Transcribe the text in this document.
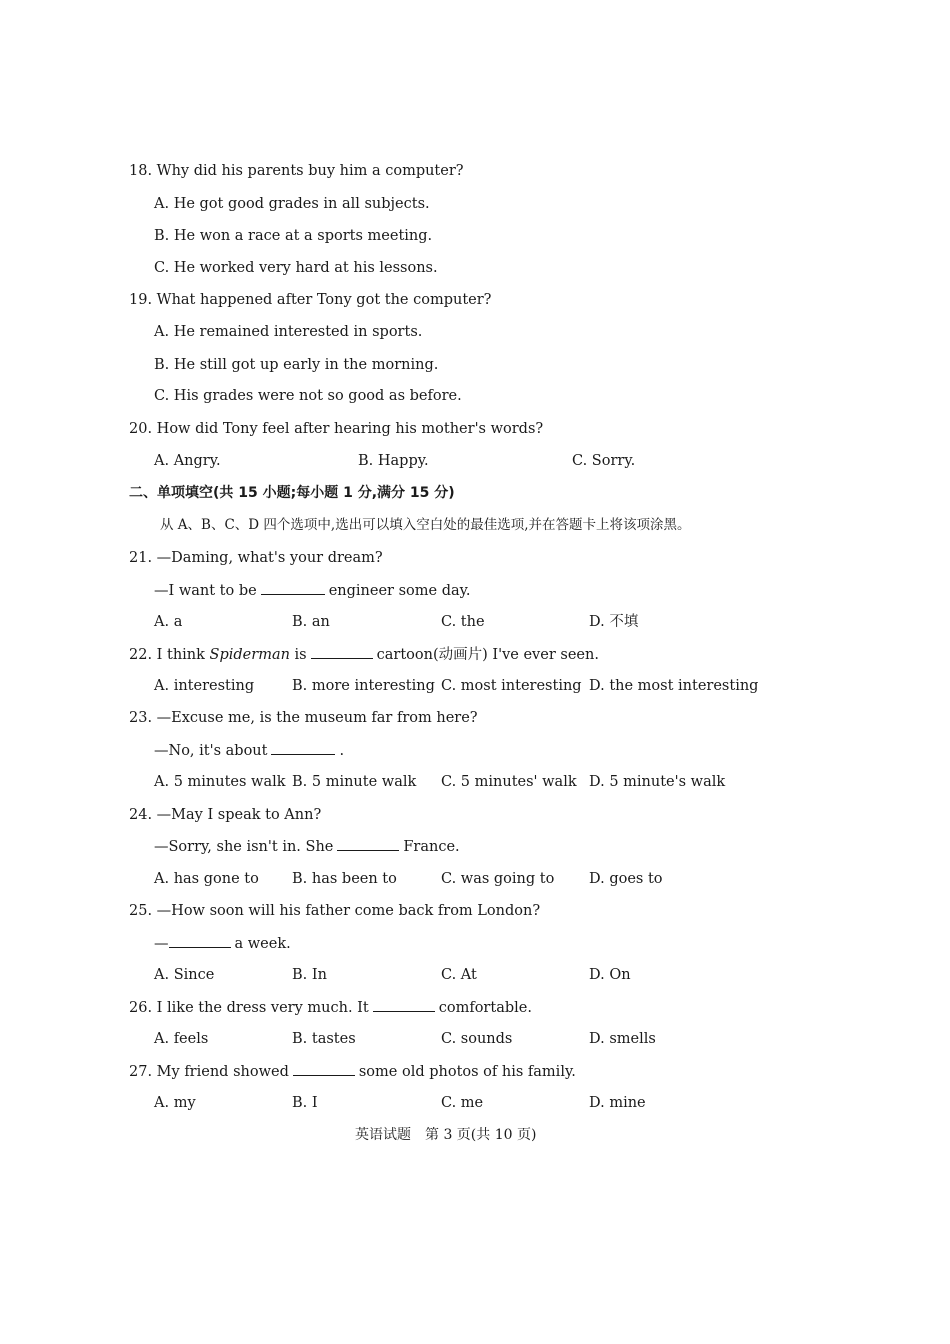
18. Why did his parents buy him a computer?
A. He got good grades in all subjects.
B. He won a race at a sports meeting.
C. He worked very hard at his lessons.
19. What happened after Tony got the computer?
A. He remained interested in sports.
B. He still got up early in the morning.
C. His grades were not so good as before.
20. How did Tony feel after hearing his mother's words?
A. Angry.	B. Happy.	C. Sorry.
二、单项填空(共 15 小题;每小题 1 分,满分 15 分)
从 A、B、C、D 四个选项中,选出可以填入空白处的最佳选项,并在答题卡上将该项涂黑。
21. —Daming, what's your dream?
—I want to be	engineer some day.
A. a	B. an	C. the	D. 不填
22. I think Spiderman is	cartoon(动画片) I've ever seen.
A. interesting	B. more interesting C. most interesting D. the most interesting
23. —Excuse me, is the museum far from here?
—No, it's about	.
A. 5 minutes walk B. 5 minute walk C. 5 minutes' walk D. 5 minute's walk
24. —May I speak to Ann?
—Sorry, she isn't in. She	France.
A. has gone to B. has been to	C. was going to D. goes to
25. —How soon will his father come back from London?
—	a week.
A. Since	B. In	C. At	D. On
26. I like the dress very much. It	comfortable.
A. feels	B. tastes	C. sounds	D. smells
27. My friend showed	some old photos of his family.
A. my	B. I	C. me	D. mine
英语试题　第 3 页(共 10 页)
